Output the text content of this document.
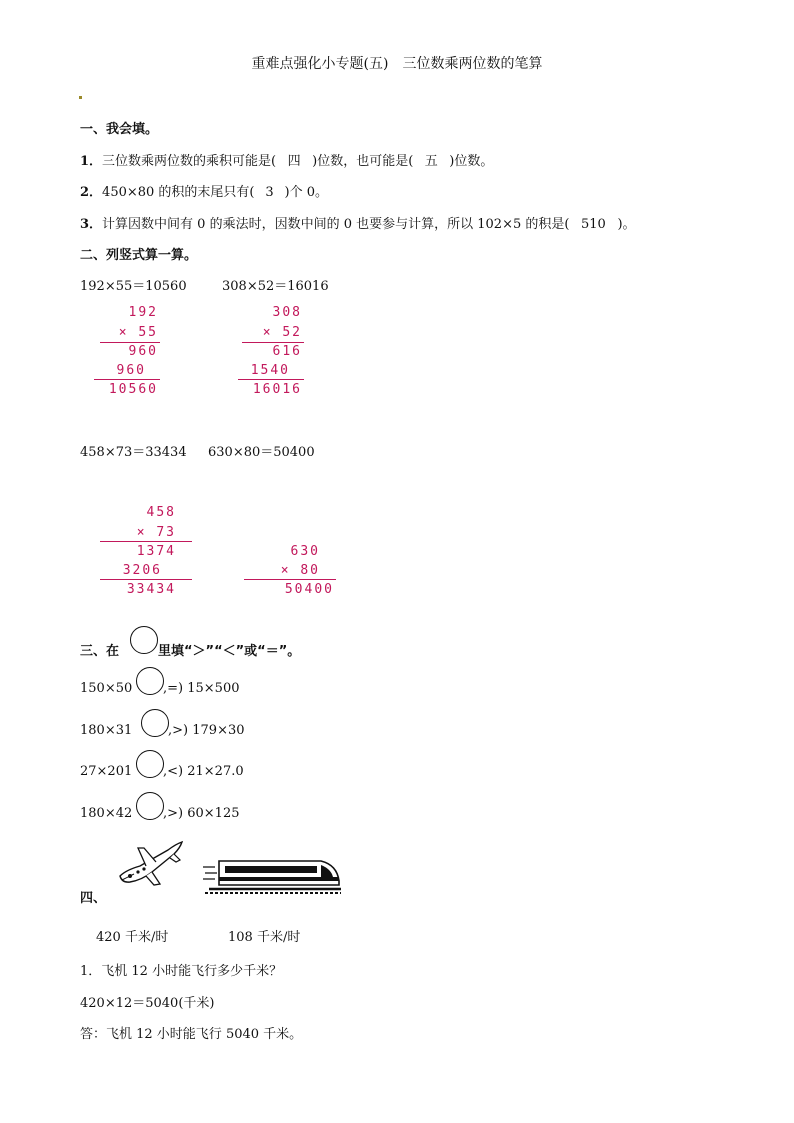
重难点强化小专题(五)　三位数乘两位数的笔算
一、我会填。
1．三位数乘两位数的乘积可能是( 四 )位数，也可能是( 五 )位数。
2．450×80 的积的末尾只有( 3 )个 0。
3．计算因数中间有 0 的乘法时，因数中间的 0 也要参与计算，所以 102×5 的积是( 510 )。
二、列竖式算一算。
192×55＝10560	308×52＝16016
192
× 55
960
960
10560
308
× 52
616
1540
16016
458×73＝33434 630×80＝50400
458
× 73
1374
3206
33434
630
× 80
50400
三、在	里填“＞”“＜”或“＝”。
150×50 ,=) 15×500
180×31	,>) 179×30
27×201 ,<) 21×27.0
180×42 ,>) 60×125
四、
420 千米/时	108 千米/时
1．飞机 12 小时能飞行多少千米？
420×12＝5040(千米)
答：飞机 12 小时能飞行 5040 千米。
